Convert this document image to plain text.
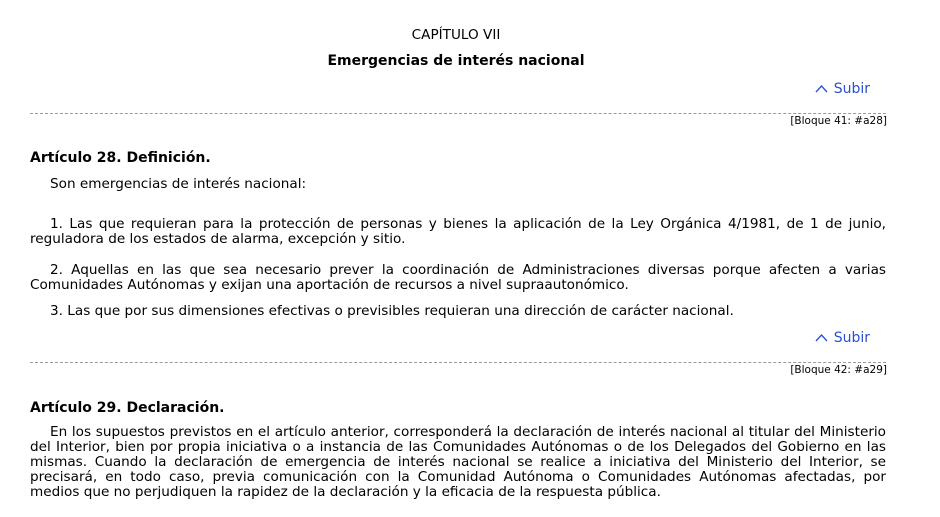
CAPÍTULO VII
Emergencias de interés nacional
Subir
[Bloque 41: #a28]
Artículo 28. Definición.
Son emergencias de interés nacional:
1. Las que requieran para la protección de personas y bienes la aplicación de la Ley Orgánica 4/1981, de 1 de junio, reguladora de los estados de alarma, excepción y sitio.
2. Aquellas en las que sea necesario prever la coordinación de Administraciones diversas porque afecten a varias Comunidades Autónomas y exijan una aportación de recursos a nivel supraautonómico.
3. Las que por sus dimensiones efectivas o previsibles requieran una dirección de carácter nacional.
Subir
[Bloque 42: #a29]
Artículo 29. Declaración.
En los supuestos previstos en el artículo anterior, corresponderá la declaración de interés nacional al titular del Ministerio del Interior, bien por propia iniciativa o a instancia de las Comunidades Autónomas o de los Delegados del Gobierno en las mismas. Cuando la declaración de emergencia de interés nacional se realice a iniciativa del Ministerio del Interior, se precisará, en todo caso, previa comunicación con la Comunidad Autónoma o Comunidades Autónomas afectadas, por medios que no perjudiquen la rapidez de la declaración y la eficacia de la respuesta pública.
